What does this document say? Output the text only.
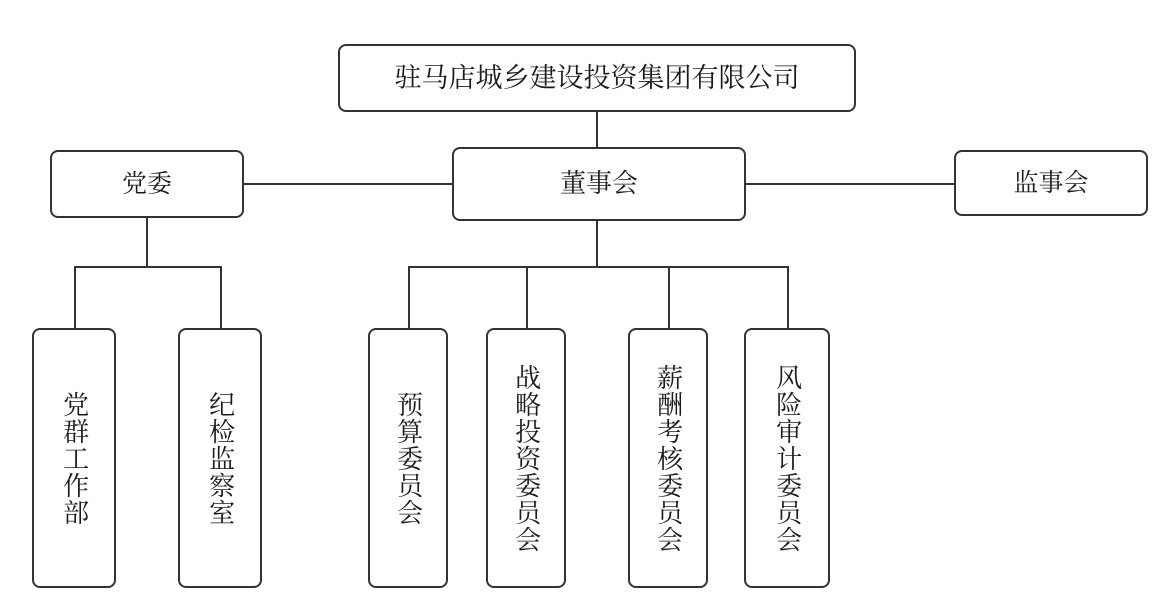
驻马店城乡建设投资集团有限公司
党委	董事会	监事会
党群工作部	纪检监察室	预算委员会	战略投资委员会	薪酬考核委员会	风险审计委员会
